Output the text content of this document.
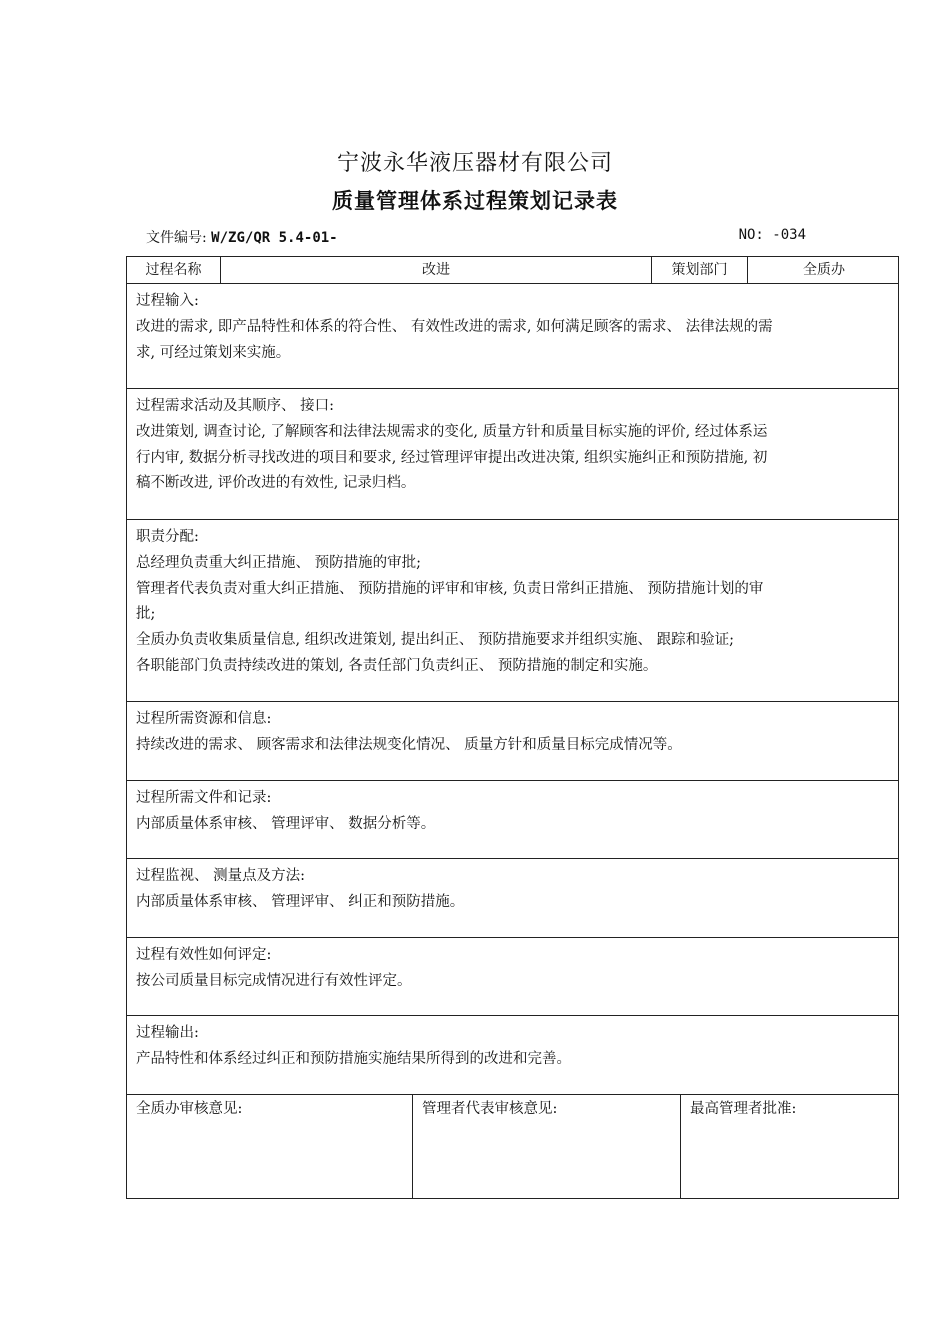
宁波永华液压器材有限公司
质量管理体系过程策划记录表
文件编号: W/ZG/QR 5.4-01-	NO: -034
过程名称	改进	策划部门	全质办
过程输入:
改进的需求, 即产品特性和体系的符合性、 有效性改进的需求, 如何满足顾客的需求、 法律法规的需
求, 可经过策划来实施。
过程需求活动及其顺序、 接口:
改进策划, 调查讨论, 了解顾客和法律法规需求的变化, 质量方针和质量目标实施的评价, 经过体系运
行内审, 数据分析寻找改进的项目和要求, 经过管理评审提出改进决策, 组织实施纠正和预防措施, 初
稿不断改进, 评价改进的有效性, 记录归档。
职责分配:
总经理负责重大纠正措施、 预防措施的审批;
管理者代表负责对重大纠正措施、 预防措施的评审和审核, 负责日常纠正措施、 预防措施计划的审
批;
全质办负责收集质量信息, 组织改进策划, 提出纠正、 预防措施要求并组织实施、 跟踪和验证;
各职能部门负责持续改进的策划, 各责任部门负责纠正、 预防措施的制定和实施。
过程所需资源和信息:
持续改进的需求、 顾客需求和法律法规变化情况、 质量方针和质量目标完成情况等。
过程所需文件和记录:
内部质量体系审核、 管理评审、 数据分析等。
过程监视、 测量点及方法:
内部质量体系审核、 管理评审、 纠正和预防措施。
过程有效性如何评定:
按公司质量目标完成情况进行有效性评定。
过程输出:
产品特性和体系经过纠正和预防措施实施结果所得到的改进和完善。
全质办审核意见:	管理者代表审核意见:	最高管理者批准:
